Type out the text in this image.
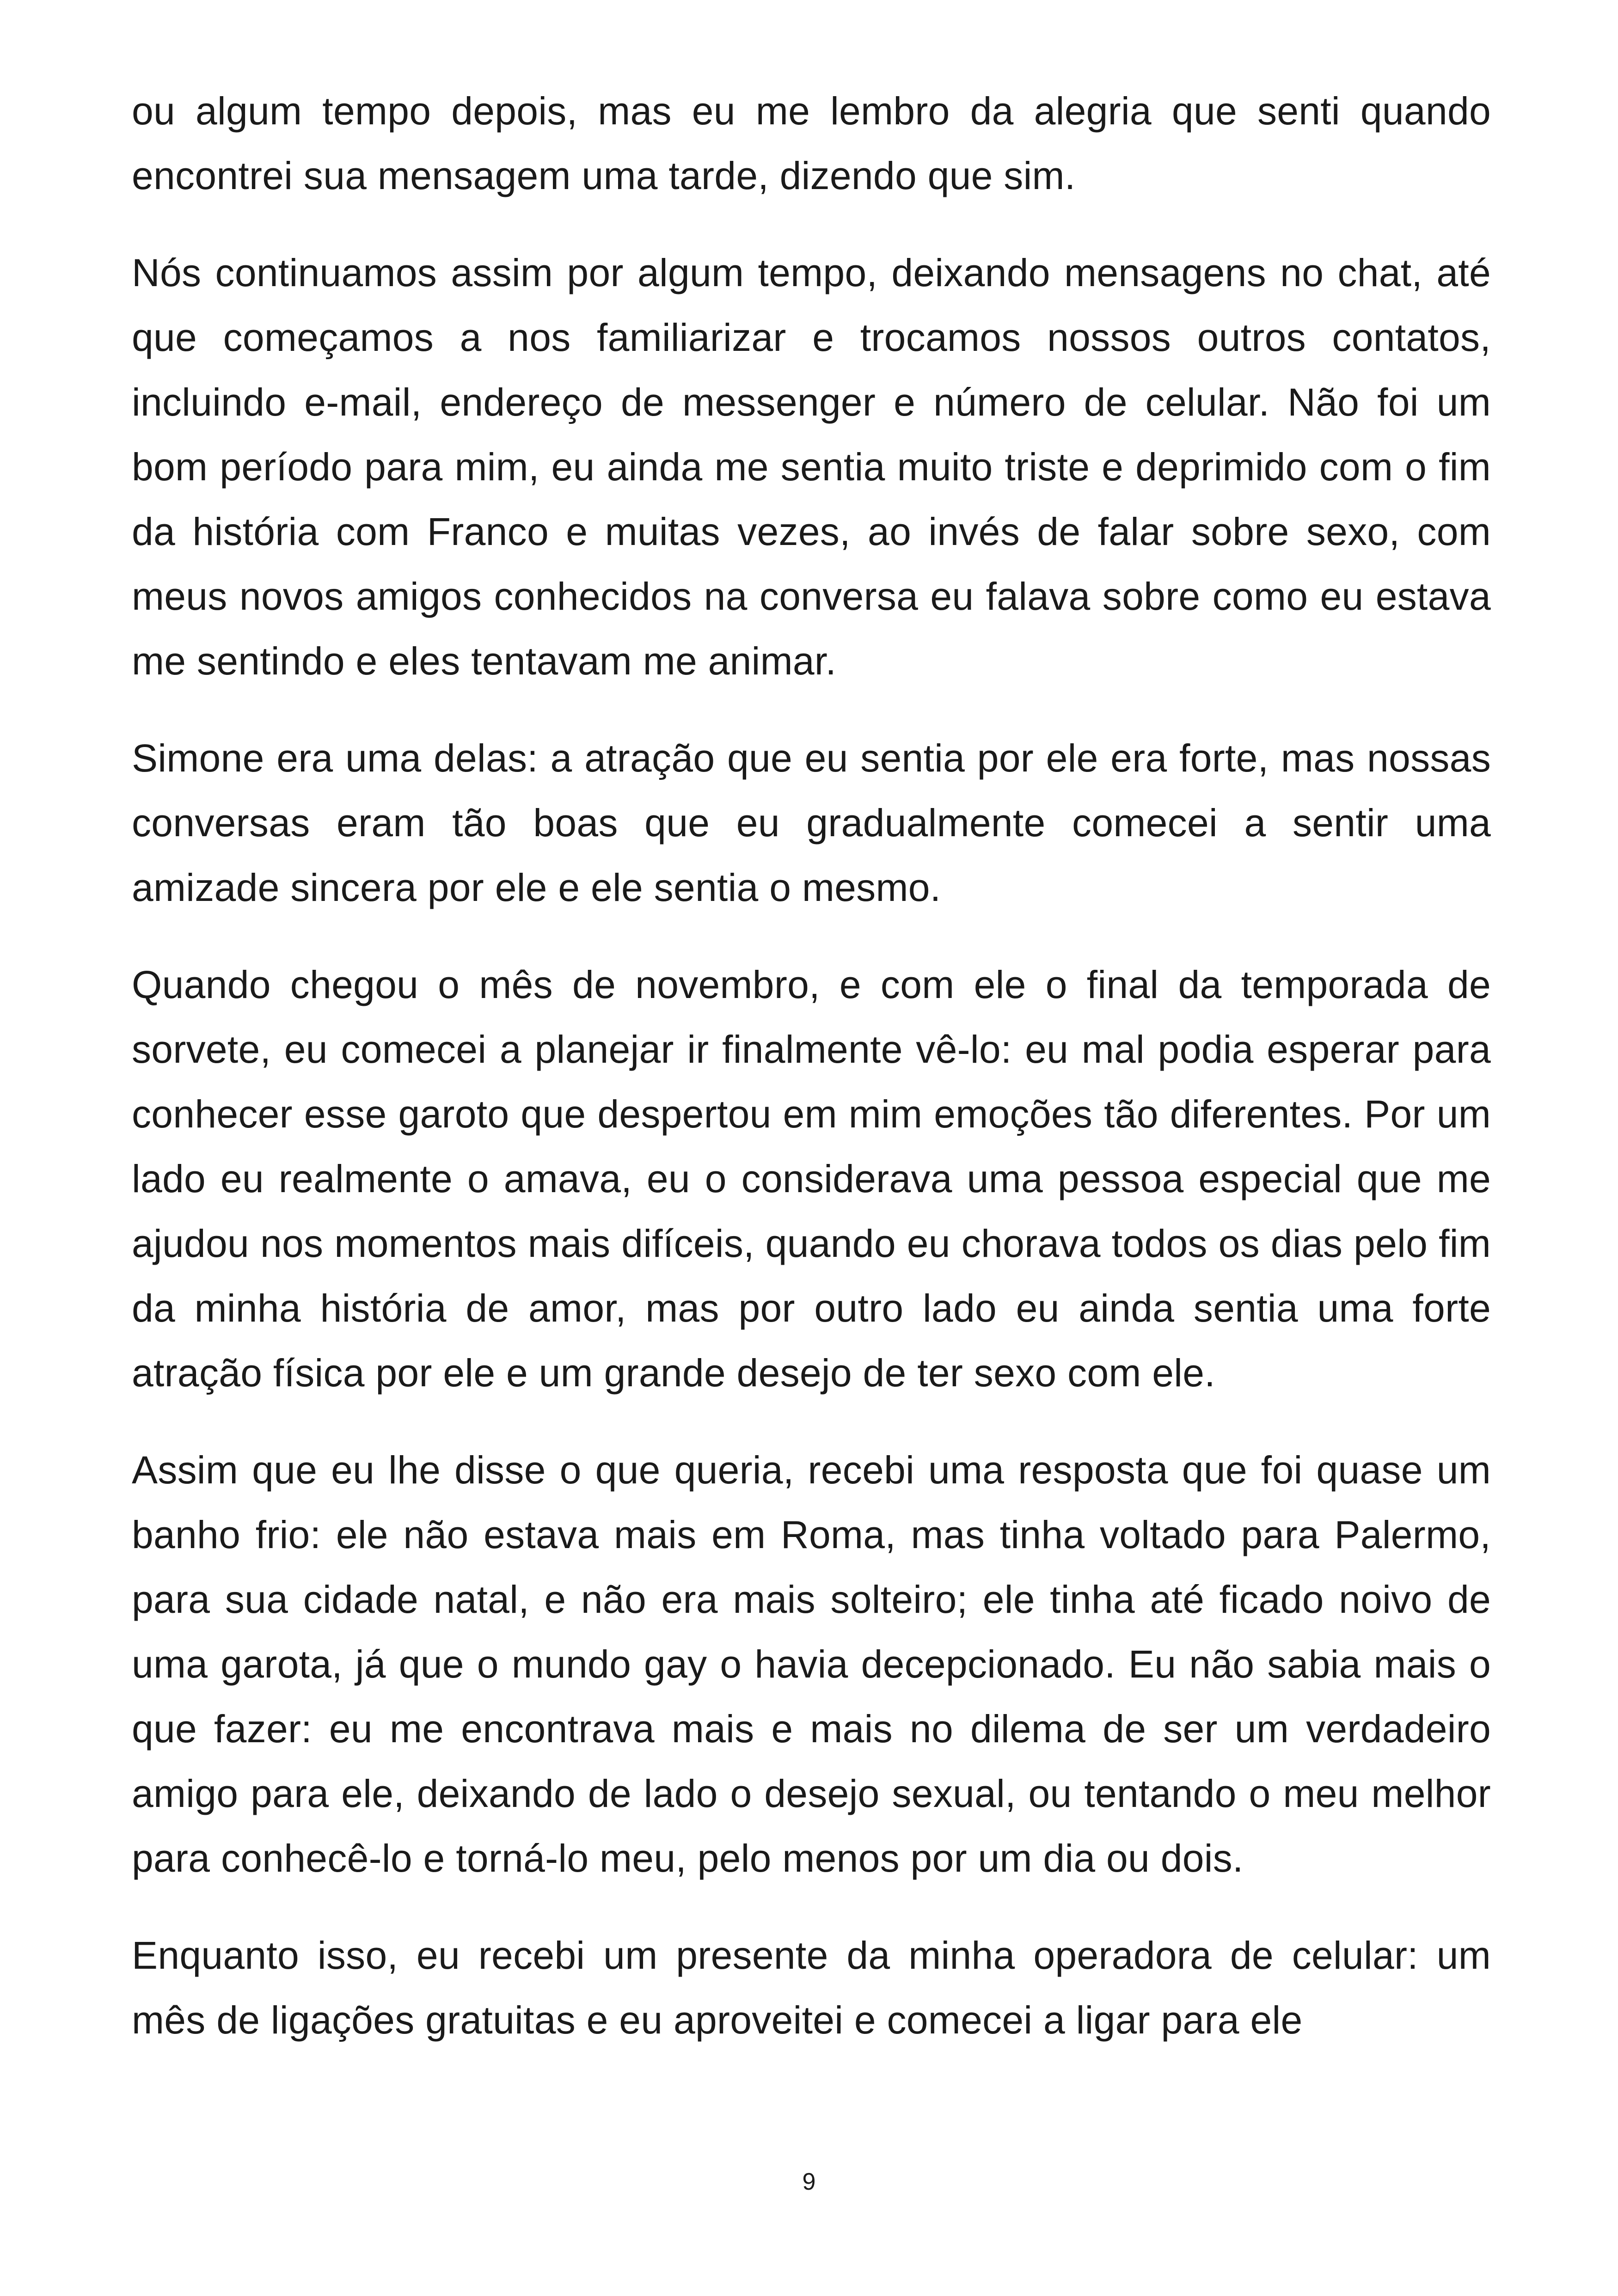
ou algum tempo depois, mas eu me lembro da alegria que senti quando encontrei sua mensagem uma tarde, dizendo que sim.

Nós continuamos assim por algum tempo, deixando mensagens no chat, até que começamos a nos familiarizar e trocamos nossos outros contatos, incluindo e-mail, endereço de messenger e número de celular. Não foi um bom período para mim, eu ainda me sentia muito triste e deprimido com o fim da história com Franco e muitas vezes, ao invés de falar sobre sexo, com meus novos amigos conhecidos na conversa eu falava sobre como eu estava me sentindo e eles tentavam me animar.

Simone era uma delas: a atração que eu sentia por ele era forte, mas nossas conversas eram tão boas que eu gradualmente comecei a sentir uma amizade sincera por ele e ele sentia o mesmo.

Quando chegou o mês de novembro, e com ele o final da temporada de sorvete, eu comecei a planejar ir finalmente vê-lo: eu mal podia esperar para conhecer esse garoto que despertou em mim emoções tão diferentes. Por um lado eu realmente o amava, eu o considerava uma pessoa especial que me ajudou nos momentos mais difíceis, quando eu chorava todos os dias pelo fim da minha história de amor, mas por outro lado eu ainda sentia uma forte atração física por ele e um grande desejo de ter sexo com ele.

Assim que eu lhe disse o que queria, recebi uma resposta que foi quase um banho frio: ele não estava mais em Roma, mas tinha voltado para Palermo, para sua cidade natal, e não era mais solteiro; ele tinha até ficado noivo de uma garota, já que o mundo gay o havia decepcionado. Eu não sabia mais o que fazer: eu me encontrava mais e mais no dilema de ser um verdadeiro amigo para ele, deixando de lado o desejo sexual, ou tentando o meu melhor para conhecê-lo e torná-lo meu, pelo menos por um dia ou dois.

Enquanto isso, eu recebi um presente da minha operadora de celular: um mês de ligações gratuitas e eu aproveitei e comecei a ligar para ele

9
